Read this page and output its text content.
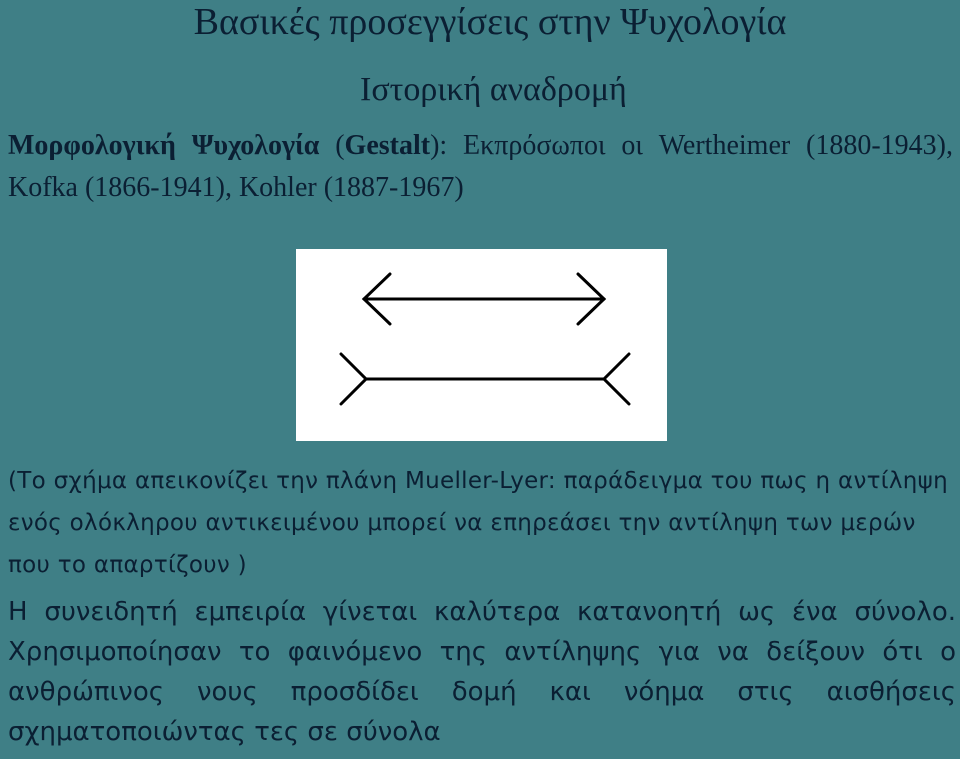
Βασικές προσεγγίσεις στην Ψυχολογία
Ιστορική αναδρομή

Μορφολογική Ψυχολογία (Gestalt): Εκπρόσωποι οι Wertheimer (1880-1943), Kofka (1866-1941), Kohler (1887-1967)

(Το σχήμα απεικονίζει την πλάνη Mueller-Lyer: παράδειγμα του πως η αντίληψη ενός ολόκληρου αντικειμένου μπορεί να επηρεάσει την αντίληψη των μερών που το απαρτίζουν )

Η συνειδητή εμπειρία γίνεται καλύτερα κατανοητή ως ένα σύνολο. Χρησιμοποίησαν το φαινόμενο της αντίληψης για να δείξουν ότι ο ανθρώπινος νους προσδίδει δομή και νόημα στις αισθήσεις σχηματοποιώντας τες σε σύνολα
